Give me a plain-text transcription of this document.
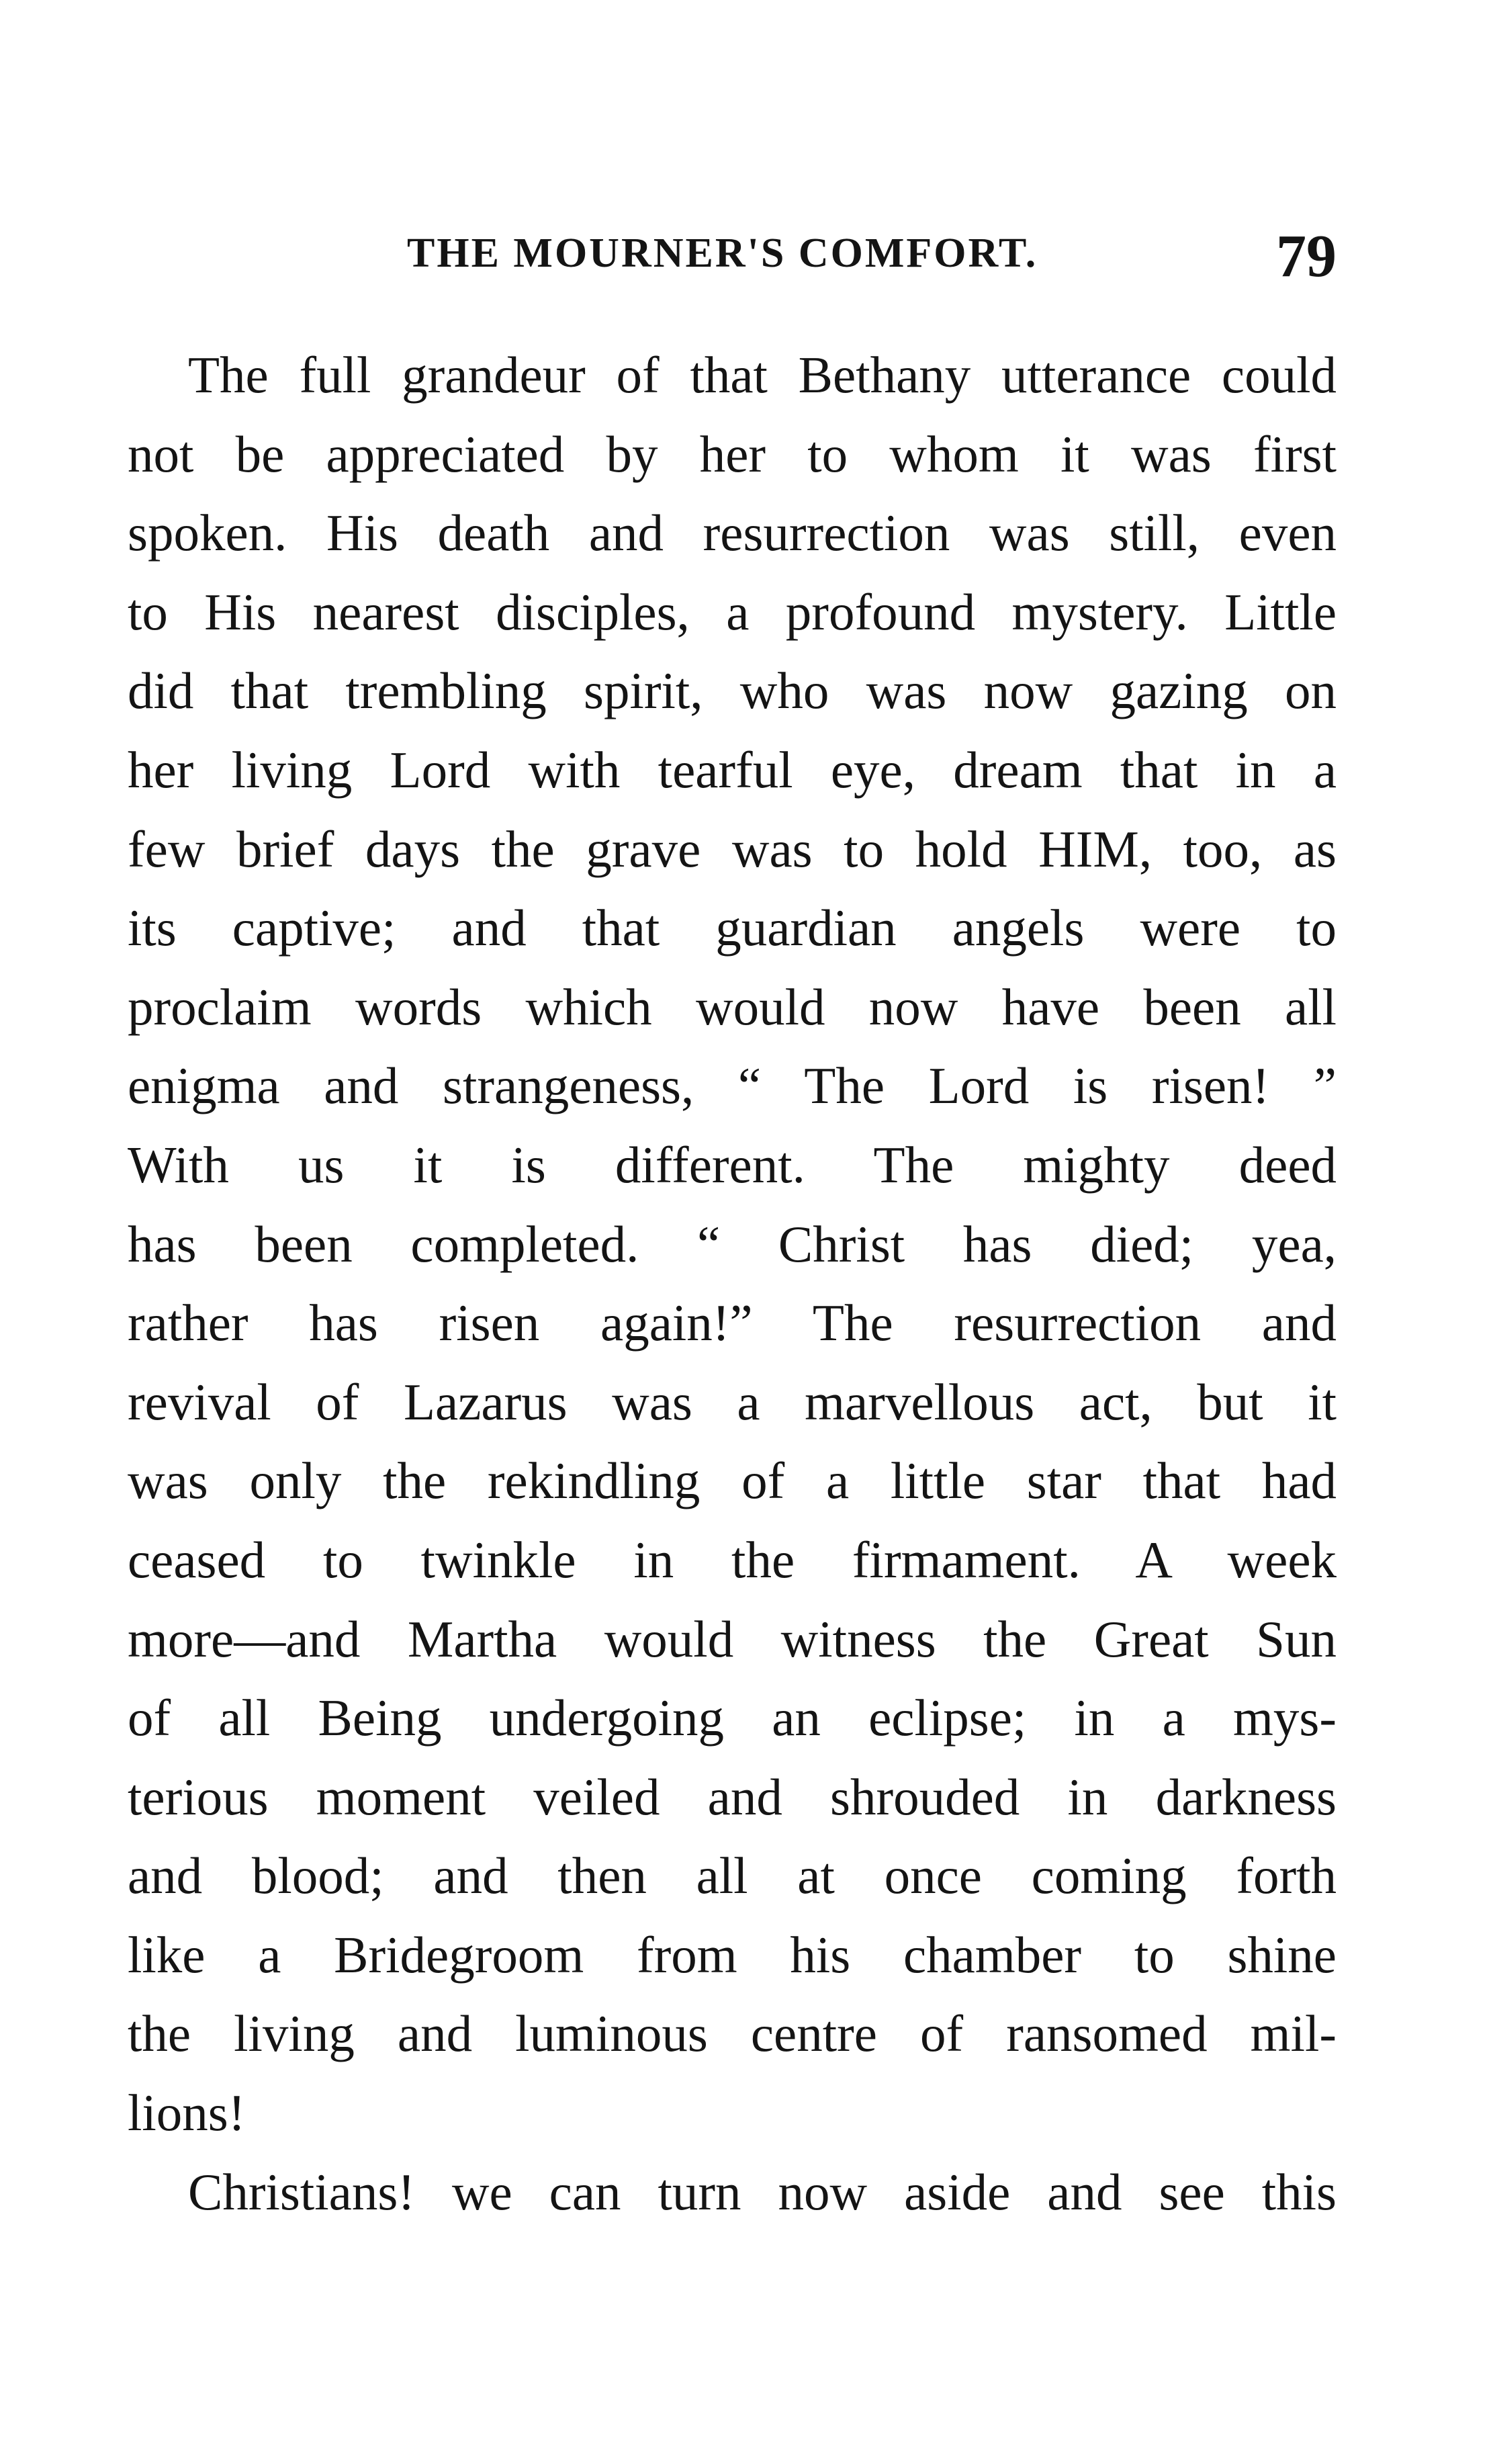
THE MOURNER'S COMFORT.	79
The full grandeur of that Bethany utterance could
not be appreciated by her to whom it was first
spoken. His death and resurrection was still, even
to His nearest disciples, a profound mystery. Little
did that trembling spirit, who was now gazing on
her living Lord with tearful eye, dream that in a
few brief days the grave was to hold HIM, too, as
its captive; and that guardian angels were to
proclaim words which would now have been all
enigma and strangeness, “ The Lord is risen! ”
With us it is different. The mighty deed
has been completed. “ Christ has died; yea,
rather has risen again!” The resurrection and
revival of Lazarus was a marvellous act, but it
was only the rekindling of a little star that had
ceased to twinkle in the firmament. A week
more—and Martha would witness the Great Sun
of all Being undergoing an eclipse; in a mys-
terious moment veiled and shrouded in darkness
and blood; and then all at once coming forth
like a Bridegroom from his chamber to shine
the living and luminous centre of ransomed mil-
lions!
Christians! we can turn now aside and see this
